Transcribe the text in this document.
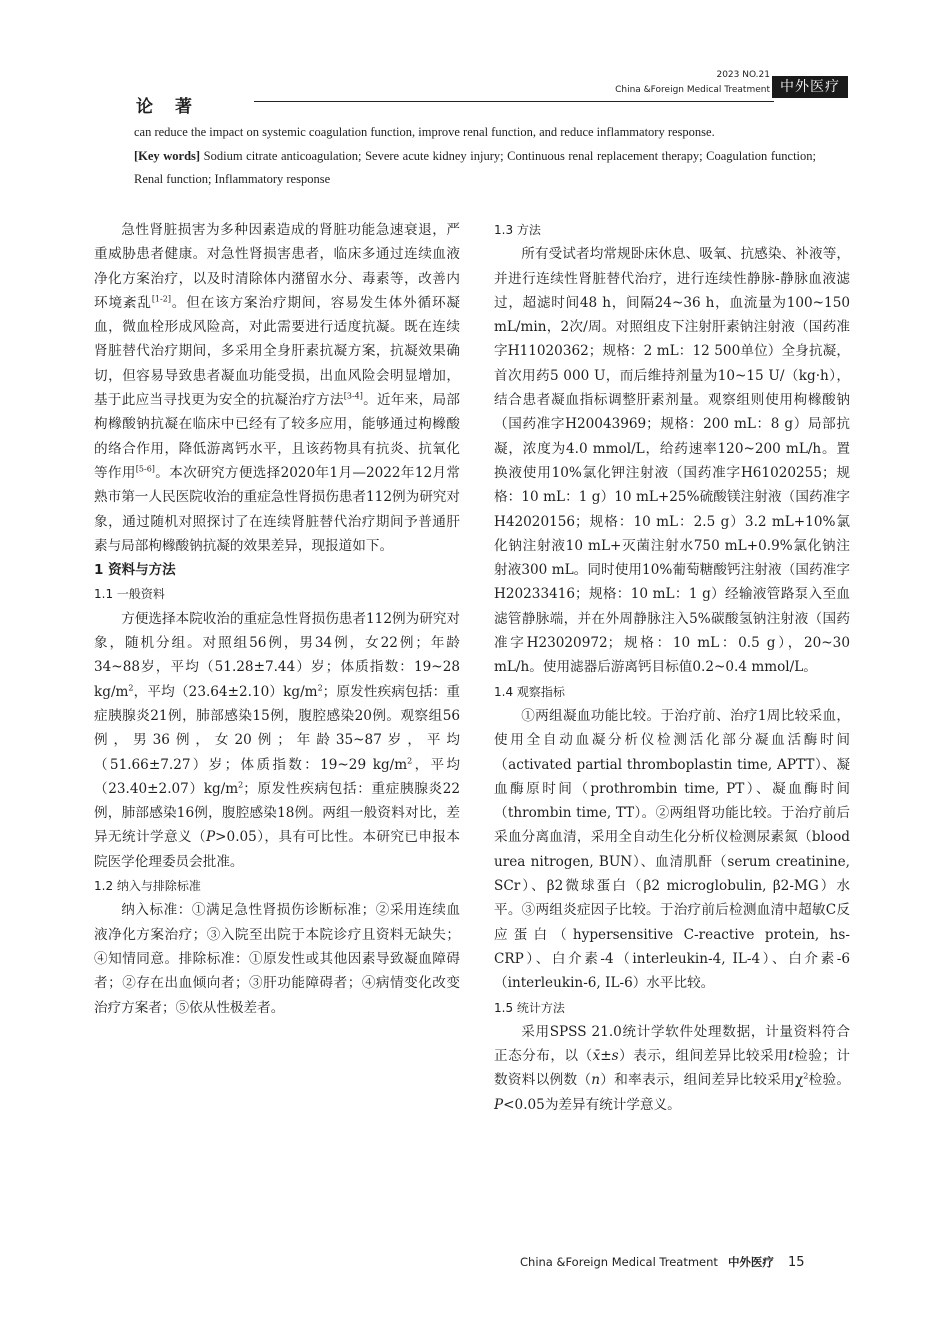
论著
2023 NO.21
China &Foreign Medical Treatment 中外医疗
can reduce the impact on systemic coagulation function, improve renal function, and reduce inflammatory response.
[Key words] Sodium citrate anticoagulation; Severe acute kidney injury; Continuous renal replacement therapy; Coagulation function; Renal function; Inflammatory response

急性肾脏损害为多种因素造成的肾脏功能急速衰退，严重威胁患者健康。对急性肾损害患者，临床多通过连续血液净化方案治疗，以及时清除体内潴留水分、毒素等，改善内环境紊乱[1-2]。但在该方案治疗期间，容易发生体外循环凝血，微血栓形成风险高，对此需要进行适度抗凝。既在连续肾脏替代治疗期间，多采用全身肝素抗凝方案，抗凝效果确切，但容易导致患者凝血功能受损，出血风险会明显增加，基于此应当寻找更为安全的抗凝治疗方法[3-4]。近年来，局部枸橼酸钠抗凝在临床中已经有了较多应用，能够通过枸橼酸的络合作用，降低游离钙水平，且该药物具有抗炎、抗氧化等作用[5-6]。本次研究方便选择2020年1月—2022年12月常熟市第一人民医院收治的重症急性肾损伤患者112例为研究对象，通过随机对照探讨了在连续肾脏替代治疗期间予普通肝素与局部枸橼酸钠抗凝的效果差异，现报道如下。

1 资料与方法

1.1 一般资料

方便选择本院收治的重症急性肾损伤患者112例为研究对象，随机分组。对照组56例，男34例，女22例；年龄34~88岁，平均（51.28±7.44）岁；体质指数：19~28 $kg/m^2$，平均$(23.64\pm 2.10)kg/m^2$；原发性疾病包括：重症胰腺炎21例，肺部感染15例，腹腔感染20例。观察组56例，男36例，女20例；年龄35~87岁，平均（51.66±7.27）岁；体质指数：19~29 $kg/m^2$，平均$(23.40\pm 2.07)kg/m^2$；原发性疾病包括：重症胰腺炎22例，肺部感染16例，腹腔感染18例。两组一般资料对比，差异无统计学意义（P>0.05），具有可比性。本研究已申报本院医学伦理委员会批准。

1.2 纳入与排除标准

纳入标准：①满足急性肾损伤诊断标准；②采用连续血液净化方案治疗；③入院至出院于本院诊疗且资料无缺失；④知情同意。排除标准：①原发性或其他因素导致凝血障碍者；②存在出血倾向者；③肝功能障碍者；④病情变化改变治疗方案者；⑤依从性极差者。

1.3 方法

所有受试者均常规卧床休息、吸氧、抗感染、补液等，并进行连续性肾脏替代治疗，进行连续性静脉-静脉血液滤过，超滤时间48 h，间隔24~36 h，血流量为100~150 mL/min，2次/周。对照组皮下注射肝素钠注射液（国药准字H11020362；规格：2 mL：12 500单位）全身抗凝，首次用药5 000 U，而后维持剂量为10~15 U/（kg·h），结合患者凝血指标调整肝素剂量。观察组则使用枸橼酸钠（国药准字H20043969；规格：200 mL：8 g）局部抗凝，浓度为4.0 mmol/L，给药速率120~200 mL/h。置换液使用10%氯化钾注射液（国药准字H61020255；规格：10 mL：1 g）10 mL+25%硫酸镁注射液（国药准字H42020156；规格：10 mL：2.5 g）3.2 mL+10%氯化钠注射液10 mL+灭菌注射水750 mL+0.9%氯化钠注射液300 mL。同时使用10%葡萄糖酸钙注射液（国药准字H20233416；规格：10 mL：1 g）经输液管路泵入至血滤管静脉端，并在外周静脉注入5%碳酸氢钠注射液（国药准字H23020972；规格：10 mL：0.5 g），20~30 mL/h。使用滤器后游离钙目标值0.2~0.4 mmol/L。

1.4 观察指标

①两组凝血功能比较。于治疗前、治疗1周比较采血，使用全自动血凝分析仪检测活化部分凝血活酶时间（activated partial thromboplastin time, APTT）、凝血酶原时间（prothrombin time, PT）、凝血酶时间（thrombin time, TT）。②两组肾功能比较。于治疗前后采血分离血清，采用全自动生化分析仪检测尿素氮（blood urea nitrogen, BUN）、血清肌酐（serum creatinine, SCr）、β2微球蛋白（β2 microglobulin, β2-MG）水平。③两组炎症因子比较。于治疗前后检测血清中超敏C反应蛋白（hypersensitive C-reactive protein, hs-CRP）、白介素-4（interleukin-4, IL-4）、白介素-6（interleukin-6, IL-6）水平比较。

1.5 统计方法

采用SPSS 21.0统计学软件处理数据，计量资料符合正态分布，以（x̄±s）表示，组间差异比较采用t检验；计数资料以例数（n）和率表示，组间差异比较采用$\chi^2$检验。P<0.05为差异有统计学意义。

China &Foreign Medical Treatment 中外医疗 15
